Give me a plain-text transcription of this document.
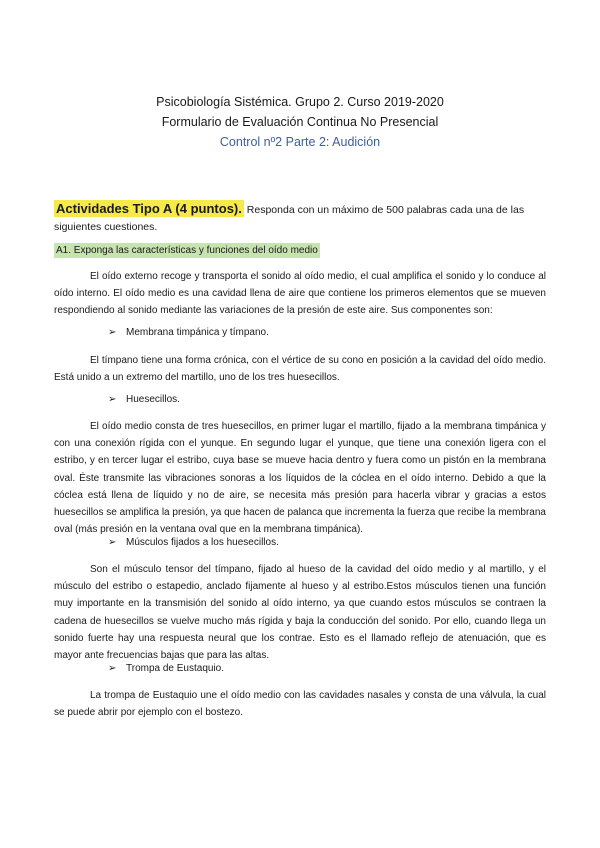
Psicobiología Sistémica. Grupo 2. Curso 2019-2020
Formulario de Evaluación Continua No Presencial
Control nº2 Parte 2: Audición
Actividades Tipo A (4 puntos). Responda con un máximo de 500 palabras cada una de las siguientes cuestiones.
A1. Exponga las características y funciones del oído medio
El oído externo recoge y transporta el sonido al oído medio, el cual amplifica el sonido y lo conduce al oído interno. El oído medio es una cavidad llena de aire que contiene los primeros elementos que se mueven respondiendo al sonido mediante las variaciones de la presión de este aire. Sus componentes son:
➢ Membrana timpánica y tímpano.
El tímpano tiene una forma crónica, con el vértice de su cono en posición a la cavidad del oído medio. Está unido a un extremo del martillo, uno de los tres huesecillos.
➢ Huesecillos.
El oído medio consta de tres huesecillos, en primer lugar el martillo, fijado a la membrana timpánica y con una conexión rígida con el yunque. En segundo lugar el yunque, que tiene una conexión ligera con el estribo, y en tercer lugar el estribo, cuya base se mueve hacia dentro y fuera como un pistón en la membrana oval. Éste transmite las vibraciones sonoras a los líquidos de la cóclea en el oído interno. Debido a que la cóclea está llena de líquido y no de aire, se necesita más presión para hacerla vibrar y gracias a estos huesecillos se amplifica la presión, ya que hacen de palanca que incrementa la fuerza que recibe la membrana oval (más presión en la ventana oval que en la membrana timpánica).
➢ Músculos fijados a los huesecillos.
Son el músculo tensor del tímpano, fijado al hueso de la cavidad del oído medio y al martillo, y el músculo del estribo o estapedio, anclado fijamente al hueso y al estribo.Estos músculos tienen una función muy importante en la transmisión del sonido al oído interno, ya que cuando estos músculos se contraen la cadena de huesecillos se vuelve mucho más rígida y baja la conducción del sonido. Por ello, cuando llega un sonido fuerte hay una respuesta neural que los contrae. Esto es el llamado reflejo de atenuación, que es mayor ante frecuencias bajas que para las altas.
➢ Trompa de Eustaquio.
La trompa de Eustaquio une el oído medio con las cavidades nasales y consta de una válvula, la cual se puede abrir por ejemplo con el bostezo.
